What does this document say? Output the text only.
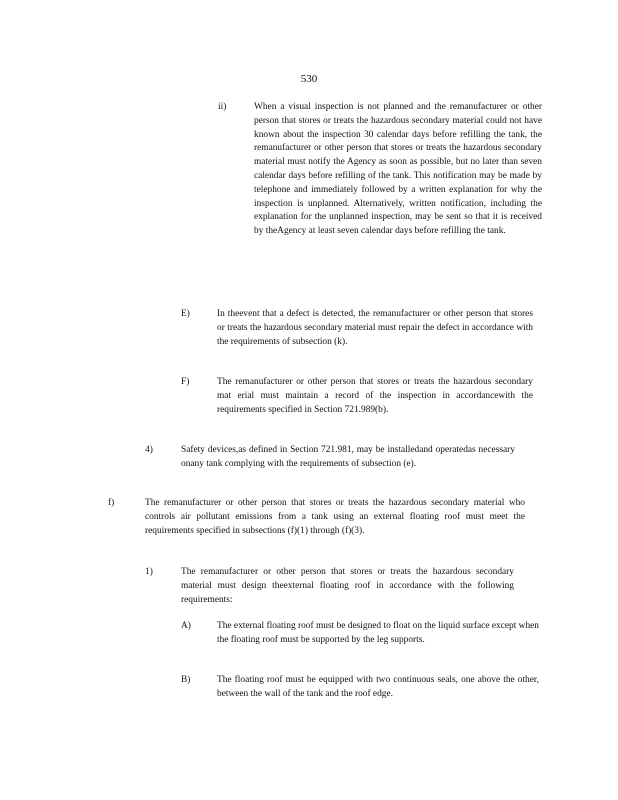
530
ii)	When a visual inspection is not planned and the remanufacturer or other person that stores or treats the hazardous secondary material could not have known about the inspection 30 calendar days before refilling the tank, the remanufacturer or other person that stores or treats the hazardous secondary material must notify the Agency as soon as possible, but no later than seven calendar days before refilling of the tank. This notification may be made by telephone and immediately followed by a written explanation for why the inspection is unplanned. Alternatively, written notification, including the explanation for the unplanned inspection, may be sent so that it is received by theAgency at least seven calendar days before refilling the tank.
E)	In theevent that a defect is detected, the remanufacturer or other person that stores or treats the hazardous secondary material must repair the defect in accordance with the requirements of subsection (k).
F)	The remanufacturer or other person that stores or treats the hazardous secondary mat erial must maintain a record of the inspection in accordancewith the requirements specified in Section 721.989(b).
4)	Safety devices,as defined in Section 721.981, may be installedand operatedas necessary onany tank complying with the requirements of subsection (e).
f)	The remanufacturer or other person that stores or treats the hazardous secondary material who controls air pollutant emissions from a tank using an external floating roof must meet the requirements specified in subsections (f)(1) through (f)(3).
1)	The remanufacturer or other person that stores or treats the hazardous secondary material must design theexternal floating roof in accordance with the following requirements:
A)	The external floating roof must be designed to float on the liquid surface except when the floating roof must be supported by the leg supports.
B)	The floating roof must be equipped with two continuous seals, one above the other, between the wall of the tank and the roof edge.
